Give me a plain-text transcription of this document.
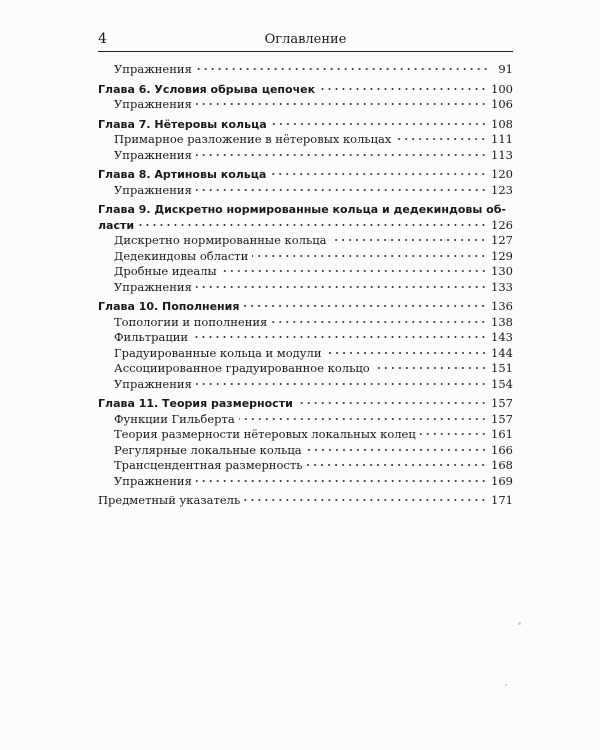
4	Оглавление
Упражнения	91
Глава 6. Условия обрыва цепочек	100
Упражнения	106
Глава 7. Нётеровы кольца	108
Примарное разложение в нётеровых кольцах	111
Упражнения	113
Глава 8. Артиновы кольца	120
Упражнения	123
Глава 9. Дискретно нормированные кольца и дедекиндовы об-
ласти	126
Дискретно нормированные кольца	127
Дедекиндовы области	129
Дробные идеалы	130
Упражнения	133
Глава 10. Пополнения	136
Топологии и пополнения	138
Фильтрации	143
Градуированные кольца и модули	144
Ассоциированное градуированное кольцо	151
Упражнения	154
Глава 11. Теория размерности	157
Функции Гильберта	157
Теория размерности нётеровых локальных колец	161
Регулярные локальные кольца	166
Трансцендентная размерность	168
Упражнения	169
Предметный указатель	171
